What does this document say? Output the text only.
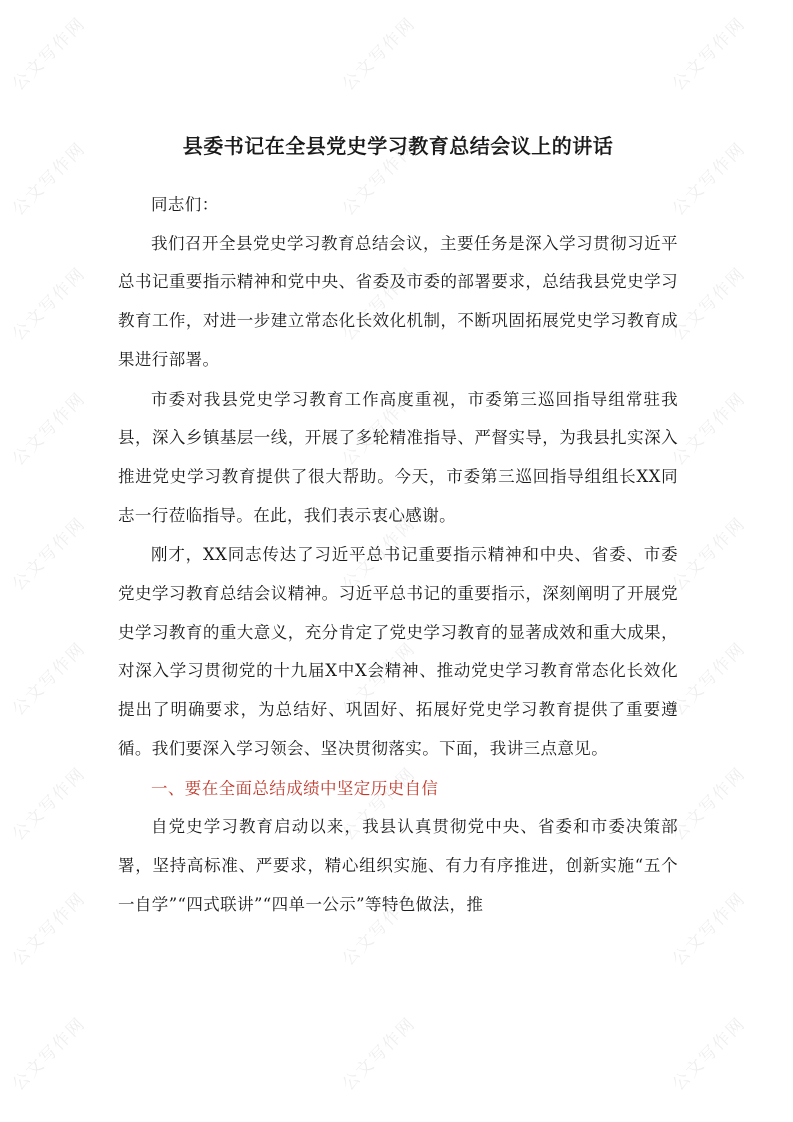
公文写作网	公文写作网	公文写作网
公文写作网	公文写作网	公文写作网
公文写作网	公文写作网	公文写作网
公文写作网	公文写作网	公文写作网
公文写作网	公文写作网	公文写作网
公文写作网	公文写作网	公文写作网
公文写作网	公文写作网	公文写作网
公文写作网	公文写作网	公文写作网
公文写作网	公文写作网	公文写作网
县委书记在全县党史学习教育总结会议上的讲话

同志们：

我们召开全县党史学习教育总结会议，主要任务是深入学习贯彻习近平总书记重要指示精神和党中央、省委及市委的部署要求，总结我县党史学习教育工作，对进一步建立常态化长效化机制，不断巩固拓展党史学习教育成果进行部署。

市委对我县党史学习教育工作高度重视，市委第三巡回指导组常驻我县，深入乡镇基层一线，开展了多轮精准指导、严督实导，为我县扎实深入推进党史学习教育提供了很大帮助。今天，市委第三巡回指导组组长XX同志一行莅临指导。在此，我们表示衷心感谢。

刚才，XX同志传达了习近平总书记重要指示精神和中央、省委、市委党史学习教育总结会议精神。习近平总书记的重要指示，深刻阐明了开展党史学习教育的重大意义，充分肯定了党史学习教育的显著成效和重大成果，对深入学习贯彻党的十九届X中X会精神、推动党史学习教育常态化长效化提出了明确要求，为总结好、巩固好、拓展好党史学习教育提供了重要遵循。我们要深入学习领会、坚决贯彻落实。下面，我讲三点意见。

一、要在全面总结成绩中坚定历史自信

自党史学习教育启动以来，我县认真贯彻党中央、省委和市委决策部署，坚持高标准、严要求，精心组织实施、有力有序推进，创新实施“五个一自学”“四式联讲”“四单一公示”等特色做法，推
